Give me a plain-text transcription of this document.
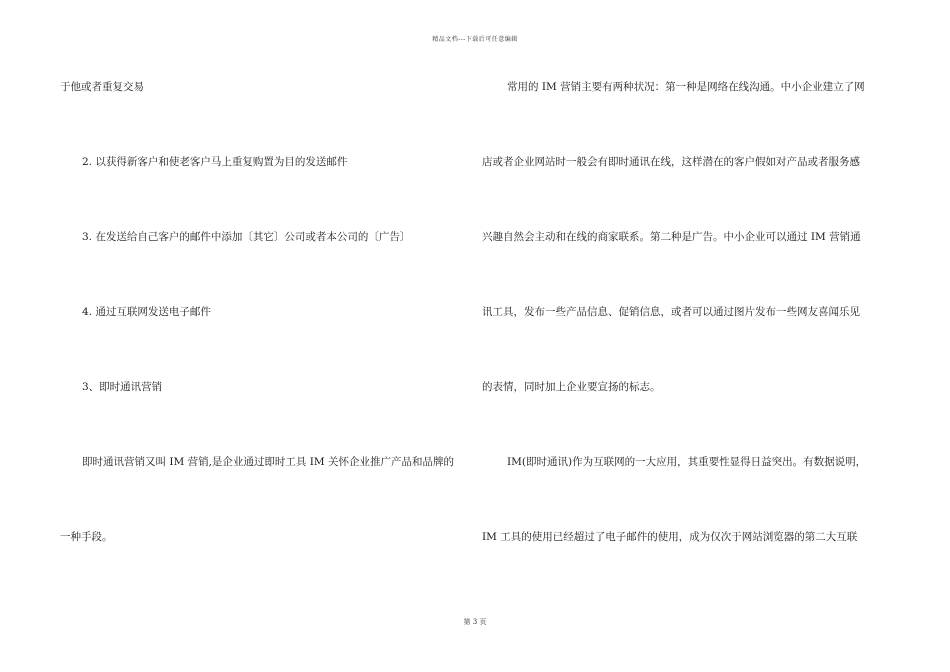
精品文档---下载后可任意编辑
于他或者重复交易
2. 以获得新客户和使老客户马上重复购置为目的发送邮件
3. 在发送给自己客户的邮件中添加〔其它〕公司或者本公司的〔广告〕
4. 通过互联网发送电子邮件
3、即时通讯营销
即时通讯营销又叫 IM 营销,是企业通过即时工具 IM 关怀企业推广产品和品牌的
一种手段。
常用的 IM 营销主要有两种状况：第一种是网络在线沟通。中小企业建立了网
店或者企业网站时一般会有即时通讯在线，这样潜在的客户假如对产品或者服务感
兴趣自然会主动和在线的商家联系。第二种是广告。中小企业可以通过 IM 营销通
讯工具，发布一些产品信息、促销信息，或者可以通过图片发布一些网友喜闻乐见
的表情，同时加上企业要宣扬的标志。
IM(即时通讯)作为互联网的一大应用，其重要性显得日益突出。有数据说明，
IM 工具的使用已经超过了电子邮件的使用，成为仅次于网站浏览器的第二大互联
第 3 页
